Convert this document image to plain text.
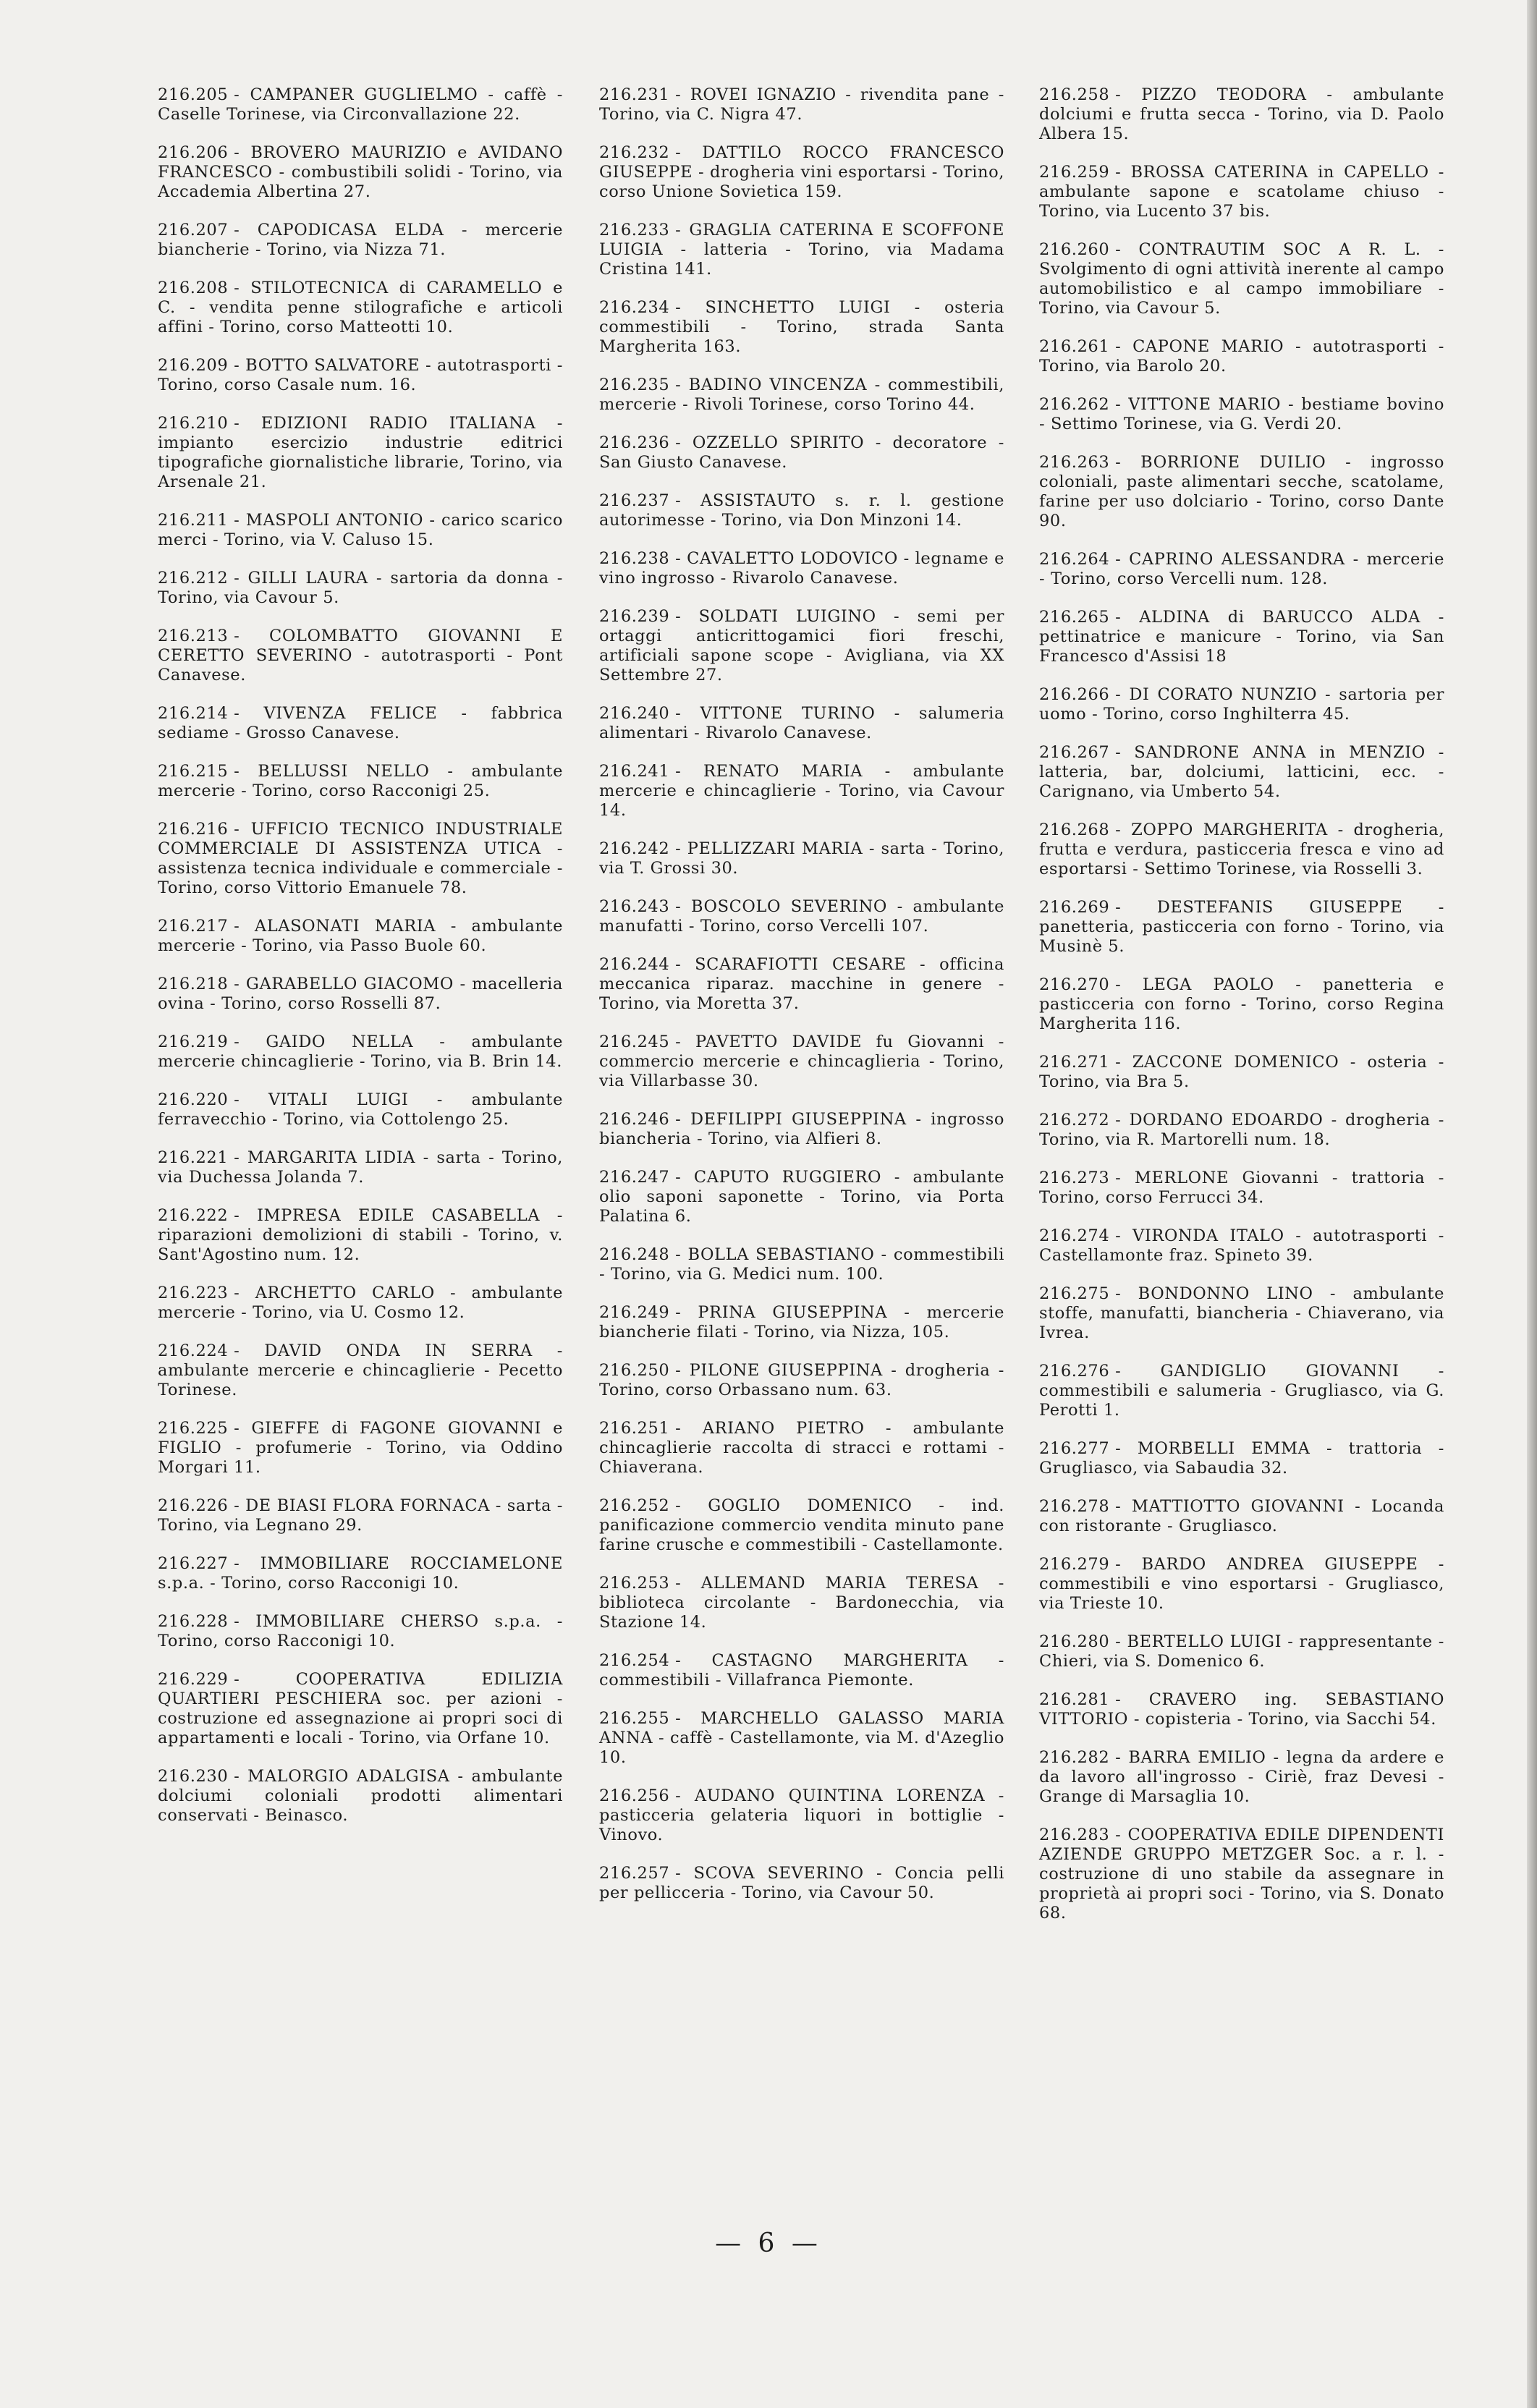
216.205 - CAMPANER GUGLIELMO - caffè - Caselle Torinese, via Circonvallazione 22.

216.206 - BROVERO MAURIZIO e AVIDANO FRANCESCO - combustibili solidi - Torino, via Accademia Albertina 27.

216.207 - CAPODICASA ELDA - mercerie biancherie - Torino, via Nizza 71.

216.208 - STILOTECNICA di CARAMELLO e C. - vendita penne stilografiche e articoli affini - Torino, corso Matteotti 10.

216.209 - BOTTO SALVATORE - autotrasporti - Torino, corso Casale num. 16.

216.210 - EDIZIONI RADIO ITALIANA - impianto esercizio industrie editrici tipografiche giornalistiche librarie, Torino, via Arsenale 21.

216.211 - MASPOLI ANTONIO - carico scarico merci - Torino, via V. Caluso 15.

216.212 - GILLI LAURA - sartoria da donna - Torino, via Cavour 5.

216.213 - COLOMBATTO GIOVANNI E CERETTO SEVERINO - autotrasporti - Pont Canavese.

216.214 - VIVENZA FELICE - fabbrica sediame - Grosso Canavese.

216.215 - BELLUSSI NELLO - ambulante mercerie - Torino, corso Racconigi 25.

216.216 - UFFICIO TECNICO INDUSTRIALE COMMERCIALE DI ASSISTENZA UTICA - assistenza tecnica individuale e commerciale - Torino, corso Vittorio Emanuele 78.

216.217 - ALASONATI MARIA - ambulante mercerie - Torino, via Passo Buole 60.

216.218 - GARABELLO GIACOMO - macelleria ovina - Torino, corso Rosselli 87.

216.219 - GAIDO NELLA - ambulante mercerie chincaglierie - Torino, via B. Brin 14.

216.220 - VITALI LUIGI - ambulante ferravecchio - Torino, via Cottolengo 25.

216.221 - MARGARITA LIDIA - sarta - Torino, via Duchessa Jolanda 7.

216.222 - IMPRESA EDILE CASABELLA - riparazioni demolizioni di stabili - Torino, v. Sant'Agostino num. 12.

216.223 - ARCHETTO CARLO - ambulante mercerie - Torino, via U. Cosmo 12.

216.224 - DAVID ONDA IN SERRA - ambulante mercerie e chincaglierie - Pecetto Torinese.

216.225 - GIEFFE di FAGONE GIOVANNI e FIGLIO - profumerie - Torino, via Oddino Morgari 11.

216.226 - DE BIASI FLORA FORNACA - sarta - Torino, via Legnano 29.

216.227 - IMMOBILIARE ROCCIAMELONE s.p.a. - Torino, corso Racconigi 10.

216.228 - IMMOBILIARE CHERSO s.p.a. - Torino, corso Racconigi 10.

216.229 - COOPERATIVA EDILIZIA QUARTIERI PESCHIERA soc. per azioni - costruzione ed assegnazione ai propri soci di appartamenti e locali - Torino, via Orfane 10.

216.230 - MALORGIO ADALGISA - ambulante dolciumi coloniali prodotti alimentari conservati - Beinasco.

216.231 - ROVEI IGNAZIO - rivendita pane - Torino, via C. Nigra 47.

216.232 - DATTILO ROCCO FRANCESCO GIUSEPPE - drogheria vini esportarsi - Torino, corso Unione Sovietica 159.

216.233 - GRAGLIA CATERINA E SCOFFONE LUIGIA - latteria - Torino, via Madama Cristina 141.

216.234 - SINCHETTO LUIGI - osteria commestibili - Torino, strada Santa Margherita 163.

216.235 - BADINO VINCENZA - commestibili, mercerie - Rivoli Torinese, corso Torino 44.

216.236 - OZZELLO SPIRITO - decoratore - San Giusto Canavese.

216.237 - ASSISTAUTO s. r. l. gestione autorimesse - Torino, via Don Minzoni 14.

216.238 - CAVALETTO LODOVICO - legname e vino ingrosso - Rivarolo Canavese.

216.239 - SOLDATI LUIGINO - semi per ortaggi anticrittogamici fiori freschi, artificiali sapone scope - Avigliana, via XX Settembre 27.

216.240 - VITTONE TURINO - salumeria alimentari - Rivarolo Canavese.

216.241 - RENATO MARIA - ambulante mercerie e chincaglierie - Torino, via Cavour 14.

216.242 - PELLIZZARI MARIA - sarta - Torino, via T. Grossi 30.

216.243 - BOSCOLO SEVERINO - ambulante manufatti - Torino, corso Vercelli 107.

216.244 - SCARAFIOTTI CESARE - officina meccanica riparaz. macchine in genere - Torino, via Moretta 37.

216.245 - PAVETTO DAVIDE fu Giovanni - commercio mercerie e chincaglieria - Torino, via Villarbasse 30.

216.246 - DEFILIPPI GIUSEPPINA - ingrosso biancheria - Torino, via Alfieri 8.

216.247 - CAPUTO RUGGIERO - ambulante olio saponi saponette - Torino, via Porta Palatina 6.

216.248 - BOLLA SEBASTIANO - commestibili - Torino, via G. Medici num. 100.

216.249 - PRINA GIUSEPPINA - mercerie biancherie filati - Torino, via Nizza, 105.

216.250 - PILONE GIUSEPPINA - drogheria - Torino, corso Orbassano num. 63.

216.251 - ARIANO PIETRO - ambulante chincaglierie raccolta di stracci e rottami - Chiaverana.

216.252 - GOGLIO DOMENICO - ind. panificazione commercio vendita minuto pane farine crusche e commestibili - Castellamonte.

216.253 - ALLEMAND MARIA TERESA - biblioteca circolante - Bardonecchia, via Stazione 14.

216.254 - CASTAGNO MARGHERITA - commestibili - Villafranca Piemonte.

216.255 - MARCHELLO GALASSO MARIA ANNA - caffè - Castellamonte, via M. d'Azeglio 10.

216.256 - AUDANO QUINTINA LORENZA - pasticceria gelateria liquori in bottiglie - Vinovo.

216.257 - SCOVA SEVERINO - Concia pelli per pellicceria - Torino, via Cavour 50.

216.258 - PIZZO TEODORA - ambulante dolciumi e frutta secca - Torino, via D. Paolo Albera 15.

216.259 - BROSSA CATERINA in CAPELLO - ambulante sapone e scatolame chiuso - Torino, via Lucento 37 bis.

216.260 - CONTRAUTIM SOC A R. L. - Svolgimento di ogni attività inerente al campo automobilistico e al campo immobiliare - Torino, via Cavour 5.

216.261 - CAPONE MARIO - autotrasporti - Torino, via Barolo 20.

216.262 - VITTONE MARIO - bestiame bovino - Settimo Torinese, via G. Verdi 20.

216.263 - BORRIONE DUILIO - ingrosso coloniali, paste alimentari secche, scatolame, farine per uso dolciario - Torino, corso Dante 90.

216.264 - CAPRINO ALESSANDRA - mercerie - Torino, corso Vercelli num. 128.

216.265 - ALDINA di BARUCCO ALDA - pettinatrice e manicure - Torino, via San Francesco d'Assisi 18

216.266 - DI CORATO NUNZIO - sartoria per uomo - Torino, corso Inghilterra 45.

216.267 - SANDRONE ANNA in MENZIO - latteria, bar, dolciumi, latticini, ecc. - Carignano, via Umberto 54.

216.268 - ZOPPO MARGHERITA - drogheria, frutta e verdura, pasticceria fresca e vino ad esportarsi - Settimo Torinese, via Rosselli 3.

216.269 - DESTEFANIS GIUSEPPE - panetteria, pasticceria con forno - Torino, via Musinè 5.

216.270 - LEGA PAOLO - panetteria e pasticceria con forno - Torino, corso Regina Margherita 116.

216.271 - ZACCONE DOMENICO - osteria - Torino, via Bra 5.

216.272 - DORDANO EDOARDO - drogheria - Torino, via R. Martorelli num. 18.

216.273 - MERLONE Giovanni - trattoria - Torino, corso Ferrucci 34.

216.274 - VIRONDA ITALO - autotrasporti - Castellamonte fraz. Spineto 39.

216.275 - BONDONNO LINO - ambulante stoffe, manufatti, biancheria - Chiaverano, via Ivrea.

216.276 - GANDIGLIO GIOVANNI - commestibili e salumeria - Grugliasco, via G. Perotti 1.

216.277 - MORBELLI EMMA - trattoria - Grugliasco, via Sabaudia 32.

216.278 - MATTIOTTO GIOVANNI - Locanda con ristorante - Grugliasco.

216.279 - BARDO ANDREA GIUSEPPE - commestibili e vino esportarsi - Grugliasco, via Trieste 10.

216.280 - BERTELLO LUIGI - rappresentante - Chieri, via S. Domenico 6.

216.281 - CRAVERO ing. SEBASTIANO VITTORIO - copisteria - Torino, via Sacchi 54.

216.282 - BARRA EMILIO - legna da ardere e da lavoro all'ingrosso - Ciriè, fraz Devesi - Grange di Marsaglia 10.

216.283 - COOPERATIVA EDILE DIPENDENTI AZIENDE GRUPPO METZGER Soc. a r. l. - costruzione di uno stabile da assegnare in proprietà ai propri soci - Torino, via S. Donato 68.

— 6 —
